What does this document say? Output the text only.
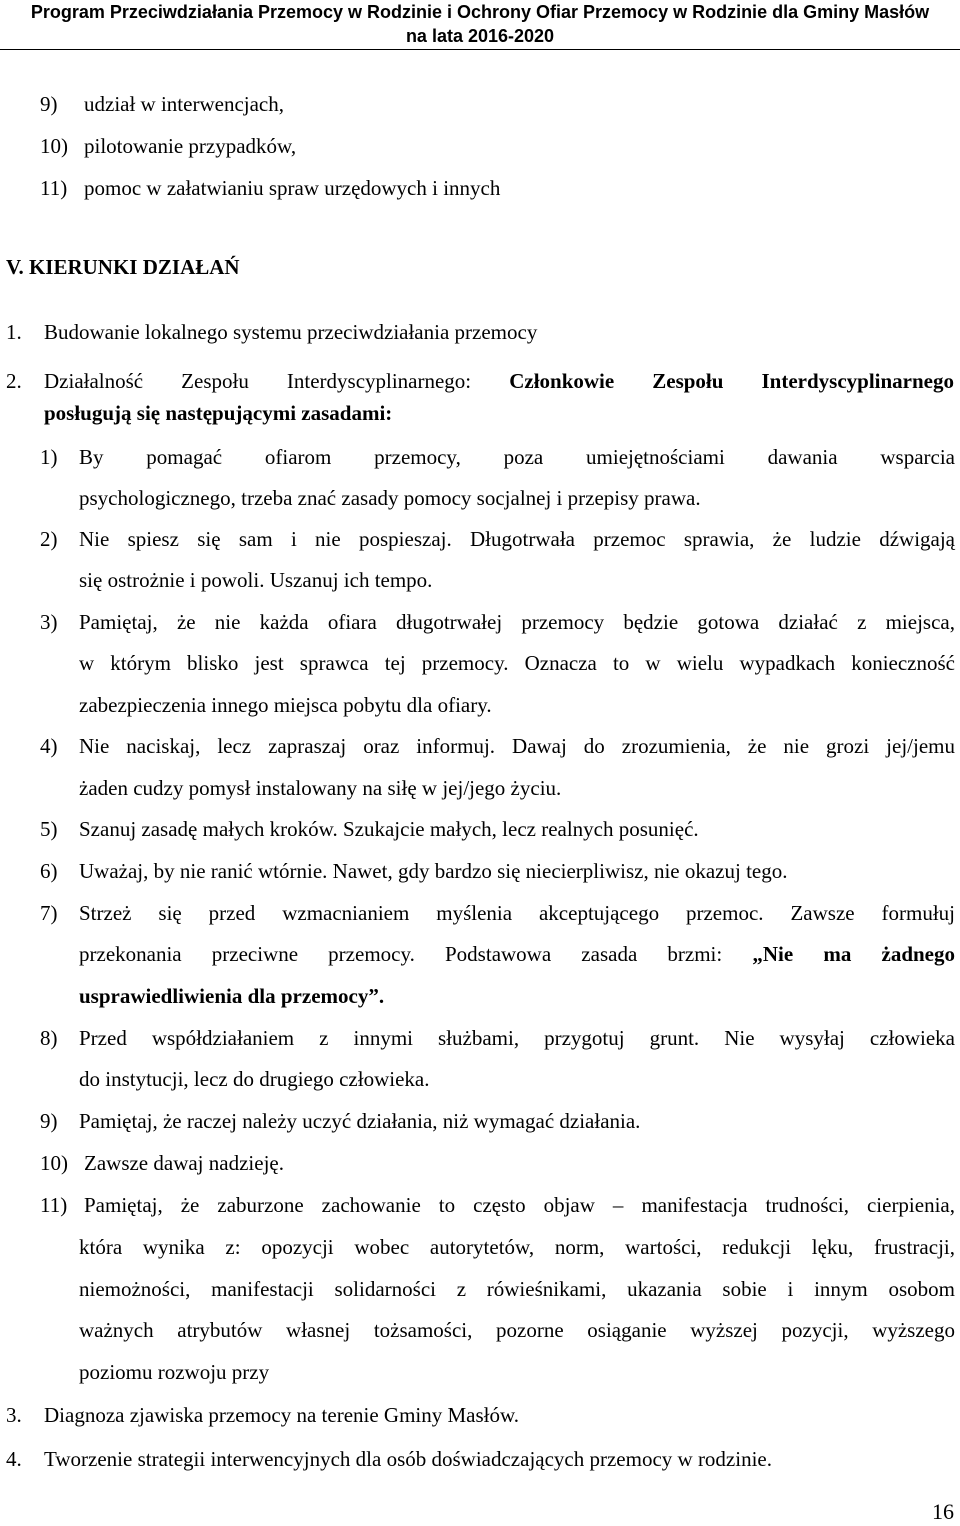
Program Przeciwdziałania Przemocy w Rodzinie i Ochrony Ofiar Przemocy w Rodzinie dla Gminy Masłów
na lata 2016-2020
9) udział w interwencjach,
10) pilotowanie przypadków,
11) pomoc w załatwianiu spraw urzędowych i innych
V. KIERUNKI DZIAŁAŃ
1. Budowanie lokalnego systemu przeciwdziałania przemocy
2. Działalność Zespołu Interdyscyplinarnego: Członkowie Zespołu Interdyscyplinarnego
posługują się następującymi zasadami:
1) By pomagać ofiarom przemocy, poza umiejętnościami dawania wsparcia
psychologicznego, trzeba znać zasady pomocy socjalnej i przepisy prawa.
2) Nie spiesz się sam i nie pospieszaj. Długotrwała przemoc sprawia, że ludzie dźwigają
się ostrożnie i powoli. Uszanuj ich tempo.
3) Pamiętaj, że nie każda ofiara długotrwałej przemocy będzie gotowa działać z miejsca,
w którym blisko jest sprawca tej przemocy. Oznacza to w wielu wypadkach konieczność
zabezpieczenia innego miejsca pobytu dla ofiary.
4) Nie naciskaj, lecz zapraszaj oraz informuj. Dawaj do zrozumienia, że nie grozi jej/jemu
żaden cudzy pomysł instalowany na siłę w jej/jego życiu.
5) Szanuj zasadę małych kroków. Szukajcie małych, lecz realnych posunięć.
6) Uważaj, by nie ranić wtórnie. Nawet, gdy bardzo się niecierpliwisz, nie okazuj tego.
7) Strzeż się przed wzmacnianiem myślenia akceptującego przemoc. Zawsze formułuj
przekonania przeciwne przemocy. Podstawowa zasada brzmi: „Nie ma żadnego
usprawiedliwienia dla przemocy”.
8) Przed współdziałaniem z innymi służbami, przygotuj grunt. Nie wysyłaj człowieka
do instytucji, lecz do drugiego człowieka.
9) Pamiętaj, że raczej należy uczyć działania, niż wymagać działania.
10) Zawsze dawaj nadzieję.
11) Pamiętaj, że zaburzone zachowanie to często objaw – manifestacja trudności, cierpienia,
która wynika z: opozycji wobec autorytetów, norm, wartości, redukcji lęku, frustracji,
niemożności, manifestacji solidarności z rówieśnikami, ukazania sobie i innym osobom
ważnych atrybutów własnej tożsamości, pozorne osiąganie wyższej pozycji, wyższego
poziomu rozwoju przy
3. Diagnoza zjawiska przemocy na terenie Gminy Masłów.
4. Tworzenie strategii interwencyjnych dla osób doświadczających przemocy w rodzinie.
16
